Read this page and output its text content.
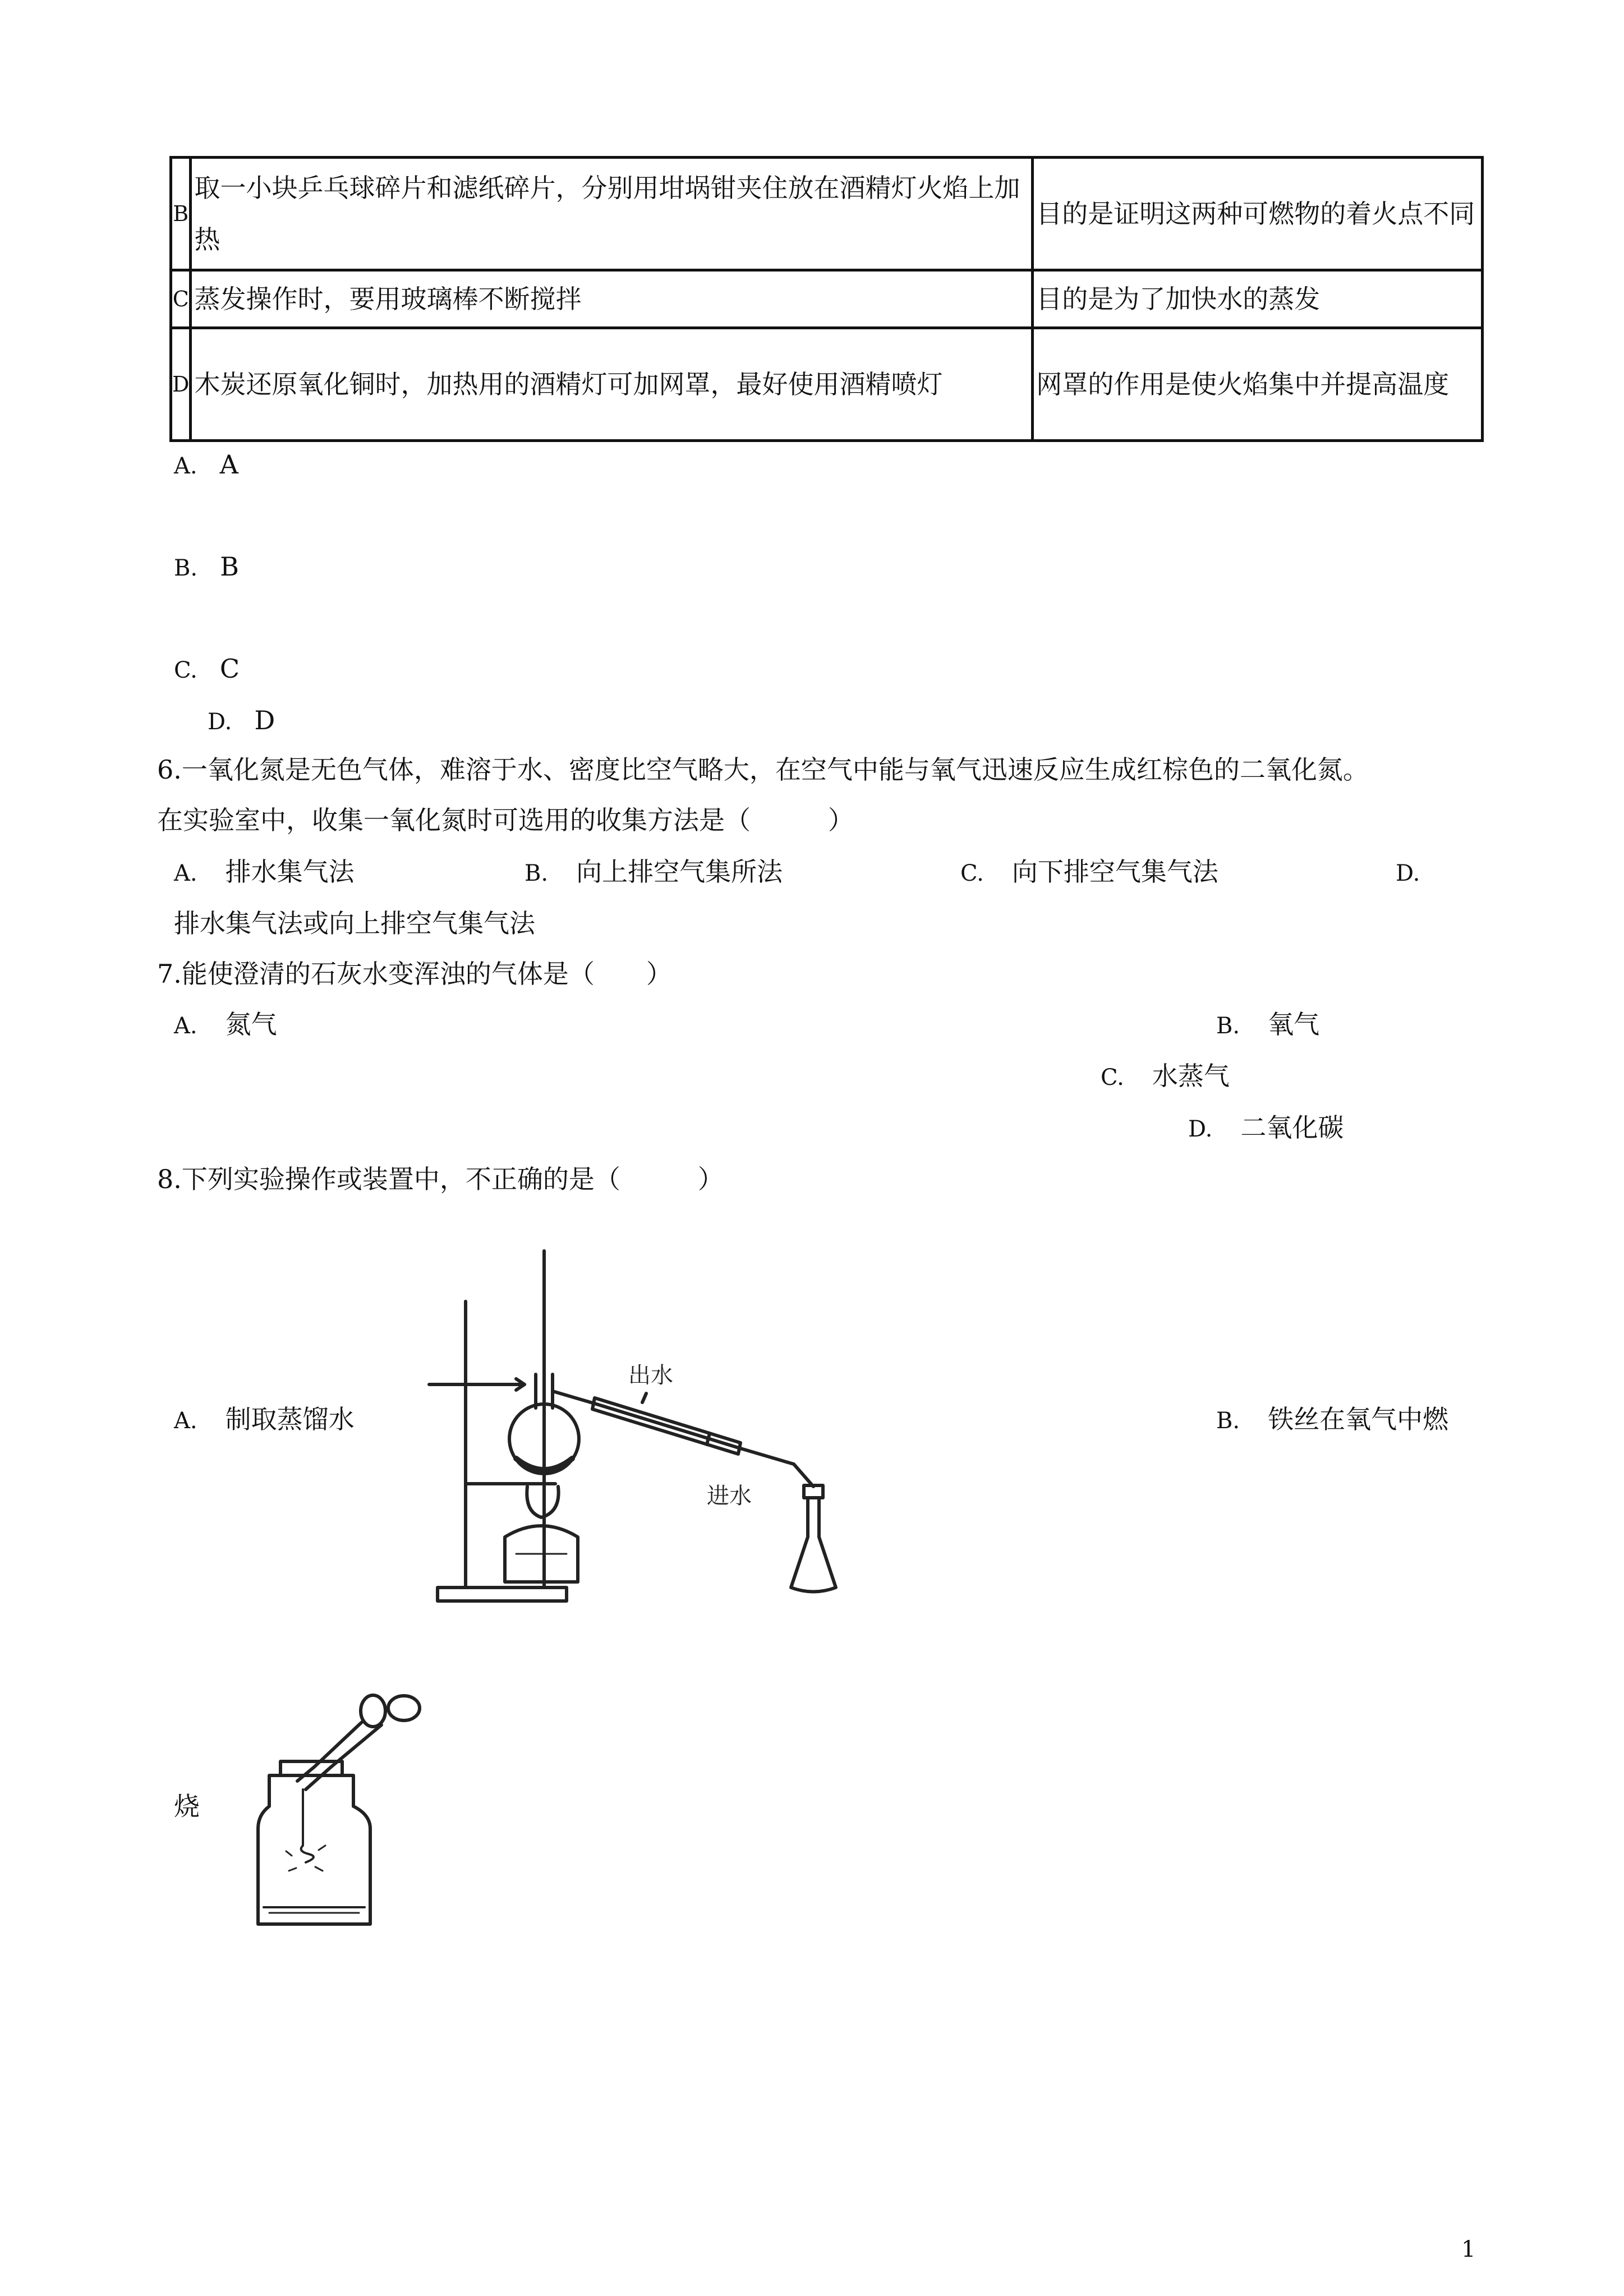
B	取一小块乒乓球碎片和滤纸碎片，分别用坩埚钳夹住放在酒精灯火焰上加热	目的是证明这两种可燃物的着火点不同

C	蒸发操作时，要用玻璃棒不断搅拌	目的是为了加快水的蒸发
D	木炭还原氧化铜时，加热用的酒精灯可加网罩，最好使用酒精喷灯	网罩的作用是使火焰集中并提高温度
A. A
B. B
C. C
D. D
6.一氧化氮是无色气体，难溶于水、密度比空气略大，在空气中能与氧气迅速反应生成红棕色的二氧化氮。
在实验室中，收集一氧化氮时可选用的收集方法是（　　　）
A. 排水集气法	B. 向上排空气集所法	C. 向下排空气集气法	D.
排水集气法或向上排空气集气法
7.能使澄清的石灰水变浑浊的气体是（　　）
A. 氮气	B. 氧气
C. 水蒸气
D. 二氧化碳
8.下列实验操作或装置中，不正确的是（　　　）
A. 制取蒸馏水	B. 铁丝在氧气中燃
烧
出水
进水
1
